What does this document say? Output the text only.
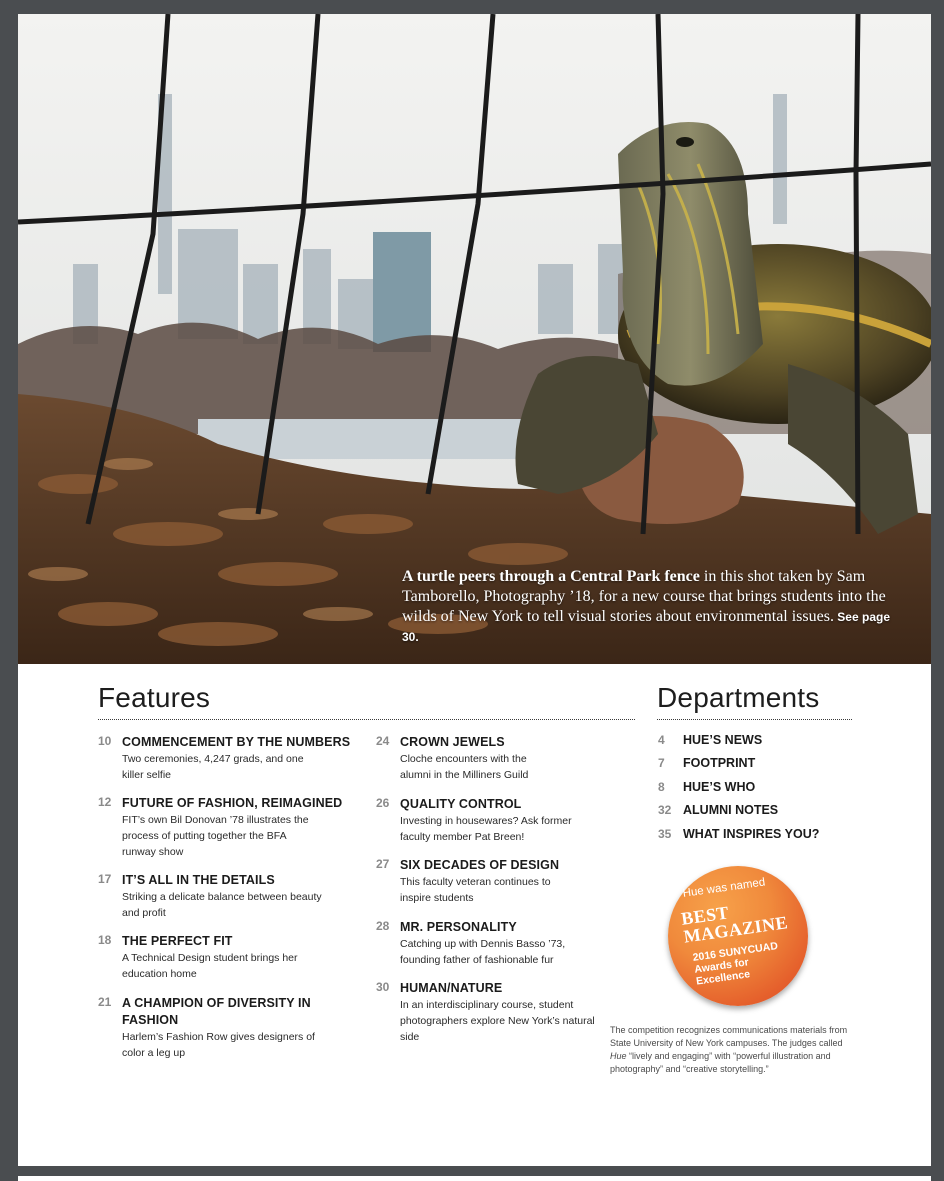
A turtle peers through a Central Park fence in this shot taken by Sam Tamborello, Photography ’18, for a new course that brings students into the wilds of New York to tell visual stories about environmental issues. See page 30.
Features
10 COMMENCEMENT BY THE NUMBERS
Two ceremonies, 4,247 grads, and one killer selfie
12 FUTURE OF FASHION, REIMAGINED
FIT’s own Bil Donovan ’78 illustrates the process of putting together the BFA runway show
17 IT’S ALL IN THE DETAILS
Striking a delicate balance between beauty and profit
18 THE PERFECT FIT
A Technical Design student brings her education home
21 A CHAMPION OF DIVERSITY IN FASHION
Harlem’s Fashion Row gives designers of color a leg up
24 CROWN JEWELS
Cloche encounters with the alumni in the Milliners Guild
26 QUALITY CONTROL
Investing in housewares? Ask former faculty member Pat Breen!
27 SIX DECADES OF DESIGN
This faculty veteran continues to inspire students
28 MR. PERSONALITY
Catching up with Dennis Basso ’73, founding father of fashionable fur
30 HUMAN/NATURE
In an interdisciplinary course, student photographers explore New York’s natural side
Departments
4	HUE’S NEWS
7	FOOTPRINT
8	HUE’S WHO
32 ALUMNI NOTES
35 WHAT INSPIRES YOU?
Hue was named
BEST MAGAZINE
2016 SUNYCUAD Awards for Excellence
The competition recognizes communications materials from State University of New York campuses. The judges called Hue “lively and engaging” with “powerful illustration and photography” and “creative storytelling.”
